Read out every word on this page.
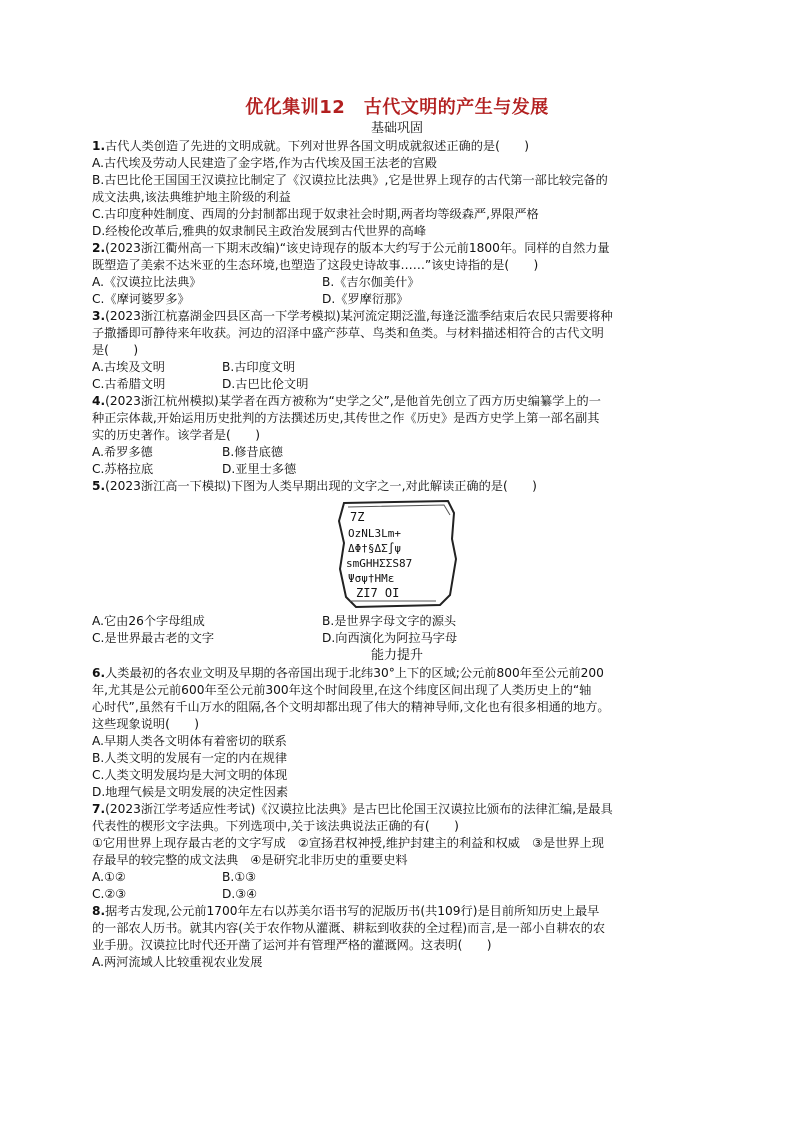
优化集训12　古代文明的产生与发展

基础巩固

1.古代人类创造了先进的文明成就。下列对世界各国文明成就叙述正确的是(　　)

A.古代埃及劳动人民建造了金字塔,作为古代埃及国王法老的宫殿

B.古巴比伦王国国王汉谟拉比制定了《汉谟拉比法典》,它是世界上现存的古代第一部比较完备的

成文法典,该法典维护地主阶级的利益

C.古印度种姓制度、西周的分封制都出现于奴隶社会时期,两者均等级森严,界限严格

D.经梭伦改革后,雅典的奴隶制民主政治发展到古代世界的高峰

2.(2023浙江衢州高一下期末改编)“该史诗现存的版本大约写于公元前1800年。同样的自然力量

既塑造了美索不达米亚的生态环境,也塑造了这段史诗故事……”该史诗指的是(　　)

A.《汉谟拉比法典》	B.《吉尔伽美什》
C.《摩诃婆罗多》	D.《罗摩衍那》

3.(2023浙江杭嘉湖金四县区高一下学考模拟)某河流定期泛滥,每逢泛滥季结束后农民只需要将种

子撒播即可静待来年收获。河边的沼泽中盛产莎草、鸟类和鱼类。与材料描述相符合的古代文明

是(　　)

A.古埃及文明	B.古印度文明
C.古希腊文明	D.古巴比伦文明

4.(2023浙江杭州模拟)某学者在西方被称为“史学之父”,是他首先创立了西方历史编纂学上的一

种正宗体裁,开始运用历史批判的方法撰述历史,其传世之作《历史》是西方史学上第一部名副其

实的历史著作。该学者是(　　)

A.希罗多德	B.修昔底德
C.苏格拉底	D.亚里士多德

5.(2023浙江高一下模拟)下图为人类早期出现的文字之一,对此解读正确的是(　　)

7Z
OzNL3Lm+
ΔΦ†§ΔΣ∫ψ
smGHHΣΣS87
Ψσψ†HMε
ZI7 OI
A.它由26个字母组成	B.是世界字母文字的源头
C.是世界最古老的文字	D.向西演化为阿拉马字母

能力提升

6.人类最初的各农业文明及早期的各帝国出现于北纬30°上下的区域;公元前800年至公元前200

年,尤其是公元前600年至公元前300年这个时间段里,在这个纬度区间出现了人类历史上的“轴

心时代”,虽然有千山万水的阻隔,各个文明却都出现了伟大的精神导师,文化也有很多相通的地方。

这些现象说明(　　)

A.早期人类各文明体有着密切的联系

B.人类文明的发展有一定的内在规律

C.人类文明发展均是大河文明的体现

D.地理气候是文明发展的决定性因素

7.(2023浙江学考适应性考试)《汉谟拉比法典》是古巴比伦国王汉谟拉比颁布的法律汇编,是最具

代表性的楔形文字法典。下列选项中,关于该法典说法正确的有(　　)

①它用世界上现存最古老的文字写成　②宣扬君权神授,维护封建主的利益和权威　③是世界上现

存最早的较完整的成文法典　④是研究北非历史的重要史料

A.①②	B.①③
C.②③	D.③④

8.据考古发现,公元前1700年左右以苏美尔语书写的泥版历书(共109行)是目前所知历史上最早

的一部农人历书。就其内容(关于农作物从灌溉、耕耘到收获的全过程)而言,是一部小自耕农的农

业手册。汉谟拉比时代还开凿了运河并有管理严格的灌溉网。这表明(　　)

A.两河流域人比较重视农业发展
